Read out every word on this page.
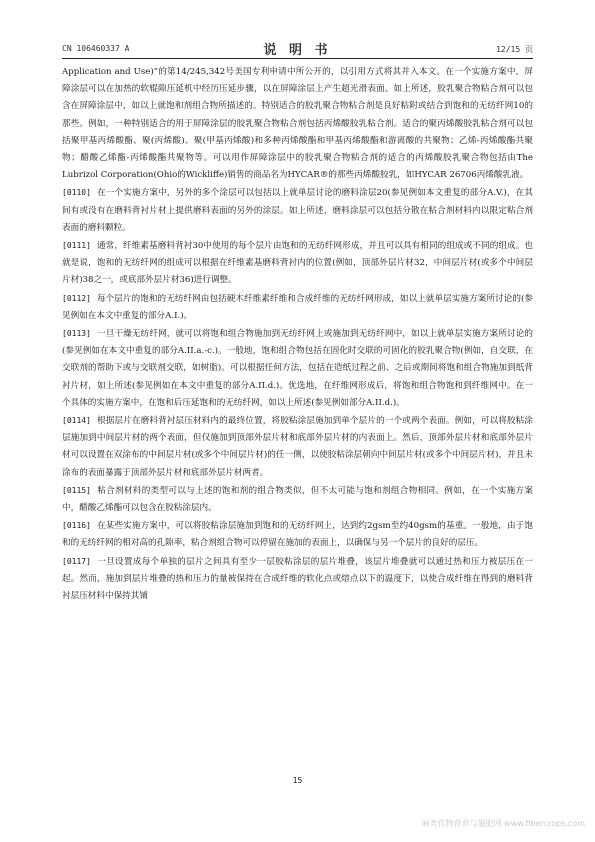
CN 106460337 A	说 明 书	12/15 页

Application and Use)”的第14/245,342号美国专利申请中所公开的，以引用方式将其并入本文。在一个实施方案中，屏障涂层可以在加热的软辊隙压延机中经历压延步骤，以在屏障涂层上产生超光滑表面。如上所述，胶乳聚合物粘合剂可以包含在屏障涂层中，如以上就饱和剂组合物所描述的。特别适合的胶乳聚合物粘合剂是良好粘附或结合到饱和的无纺纤网10的那些。例如，一种特别适合的用于屏障涂层的胶乳聚合物粘合剂包括丙烯酸胶乳粘合剂。适合的聚丙烯酸胶乳粘合剂可以包括聚甲基丙烯酸酯、聚(丙烯酸)、聚(甲基丙烯酸)和多种丙烯酸酯和甲基丙烯酸酯和游离酸的共聚物；乙烯-丙烯酸酯共聚物；醋酸乙烯酯-丙烯酸酯共聚物等。可以用作屏障涂层中的胶乳聚合物粘合剂的适合的丙烯酸胶乳聚合物包括由The Lubrizol Corporation(Ohio的Wickliffe)销售的商品名为HYCAR®的那些丙烯酸胶乳，如HYCAR 26706丙烯酸乳液。

[0110] 在一个实施方案中，另外的多个涂层可以包括以上就单层讨论的磨料涂层20(参见例如本文重复的部分A.V.)，在其间有或没有在磨料背衬片材上提供磨料表面的另外的涂层。如上所述，磨料涂层可以包括分散在粘合剂材料内以限定粘合剂表面的磨料颗粒。

[0111] 通常，纤维素基磨料背衬30中使用的每个层片由饱和的无纺纤网形成，并且可以具有相同的组成或不同的组成。也就是说，饱和的无纺纤网的组成可以根据在纤维素基磨料背衬内的位置(例如，顶部外层片材32，中间层片材(或多个中间层片材)38之一，或底部外层片材36)进行调整。

[0112] 每个层片的饱和的无纺纤网由包括硬木纤维素纤维和合成纤维的无纺纤网形成，如以上就单层实施方案所讨论的(参见例如在本文中重复的部分A.I.)。

[0113] 一旦干燥无纺纤网，就可以将饱和组合物施加到无纺纤网上或施加到无纺纤网中，如以上就单层实施方案所讨论的(参见例如在本文中重复的部分A.II.a.-c.)。一般地，饱和组合物包括在固化时交联的可固化的胶乳聚合物(例如，自交联，在交联剂的帮助下或与交联剂交联，如树脂)。可以根据任何方法，包括在造纸过程之前、之后或期间将饱和组合物施加到纸背衬片材，如上所述(参见例如在本文中重复的部分A.II.d.)。优选地，在纤维网形成后，将饱和组合物饱和到纤维网中。在一个具体的实施方案中，在饱和后压延饱和的无纺纤网，如以上所述(参见例如部分A.II.d.)。

[0114] 根据层片在磨料背衬层压材料内的最终位置，将胶粘涂层施加到单个层片的一个或两个表面。例如，可以将胶粘涂层施加到中间层片材的两个表面，但仅施加到顶部外层片材和底部外层片材的内表面上。然后，顶部外层片材和底部外层片材可以设置在双涂布的中间层片材(或多个中间层片材)的任一侧，以使胶粘涂层朝向中间层片材(或多个中间层片材)，并且未涂布的表面暴露于顶部外层片材和底部外层片材两者。

[0115] 粘合剂材料的类型可以与上述的饱和剂的组合物类似，但不太可能与饱和剂组合物相同。例如，在一个实施方案中，醋酸乙烯酯可以包含在胶粘涂层内。

[0116] 在某些实施方案中，可以将胶粘涂层施加到饱和的无纺纤网上，达到约2gsm至约40gsm的基重。一般地，由于饱和的无纺纤网的相对高的孔隙率，粘合剂组合物可以停留在施加的表面上，以确保与另一个层片的良好的层压。

[0117] 一旦设置成每个单独的层片之间具有至少一层胶粘涂层的层片堆叠，该层片堆叠就可以通过热和压力被层压在一起。然而，施加到层片堆叠的热和压力的量被保持在合成纤维的软化点或熔点以下的温度下，以使合成纤维在得到的磨料背衬层压材料中保持其铺

15
麻类作物营养与施肥网 www.fibercrops.com
